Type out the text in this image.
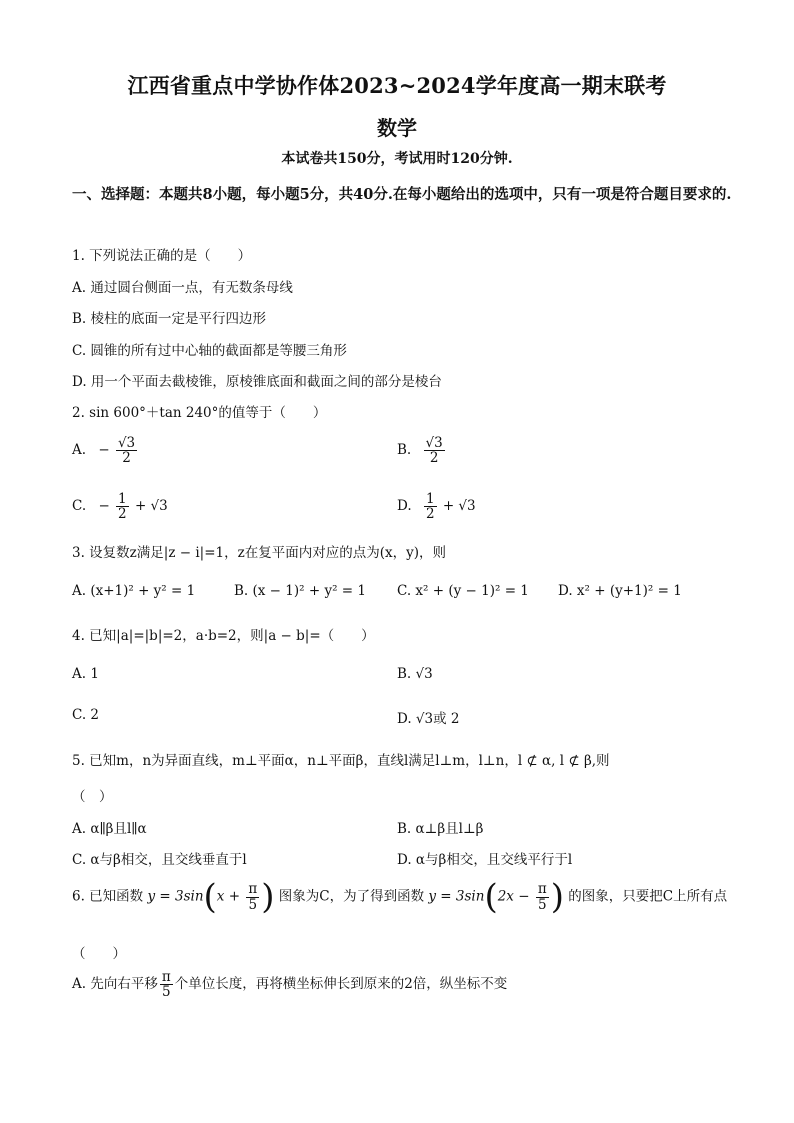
江西省重点中学协作体2023~2024学年度高一期末联考
数学
本试卷共150分，考试用时120分钟.
一、选择题：本题共8小题，每小题5分，共40分.在每小题给出的选项中，只有一项是符合题目要求的.
1. 下列说法正确的是（　　）
A. 通过圆台侧面一点，有无数条母线
B. 棱柱的底面一定是平行四边形
C. 圆锥的所有过中心轴的截面都是等腰三角形
D. 用一个平面去截棱锥，原棱锥底面和截面之间的部分是棱台
2. sin 600°＋tan 240°的值等于（　　）
A. − $\frac{√3}{2}$	B. $\frac{√3}{2}$
C. − $\frac{1}{2} + √3$	D. $\frac{1}{2} + √3$
3. 设复数z满足|z − i|=1，z在复平面内对应的点为(x，y)，则
A. (x+1)² + y² = 1	B. (x − 1)² + y² = 1 C. x² + (y − 1)² = 1 D. x² + (y+1)² = 1
4. 已知|a|=|b|=2，a·b=2，则|a − b|=（　　）
A. 1	B. √3
C. 2	D. √3或 2
5. 已知m，n为异面直线，m⊥平面α，n⊥平面β，直线l满足l⊥m，l⊥n，l ⊄ α, l ⊄ β,则
（　）
A. α∥β且l∥α	B. α⊥β且l⊥β
C. α与β相交，且交线垂直于l	D. α与β相交，且交线平行于l
6. 已知函数 $y = 3\sin(x + \frac{\pi}{5}$ ) 图象为C，为了得到函数 $y = 3\sin(2x - \frac{\pi}{5}$ ) 的图象，只要把C上所有点
（　　）
A. 先向右平移 $\frac{\pi}{5}$ 个单位长度，再将横坐标伸长到原来的2倍，纵坐标不变
